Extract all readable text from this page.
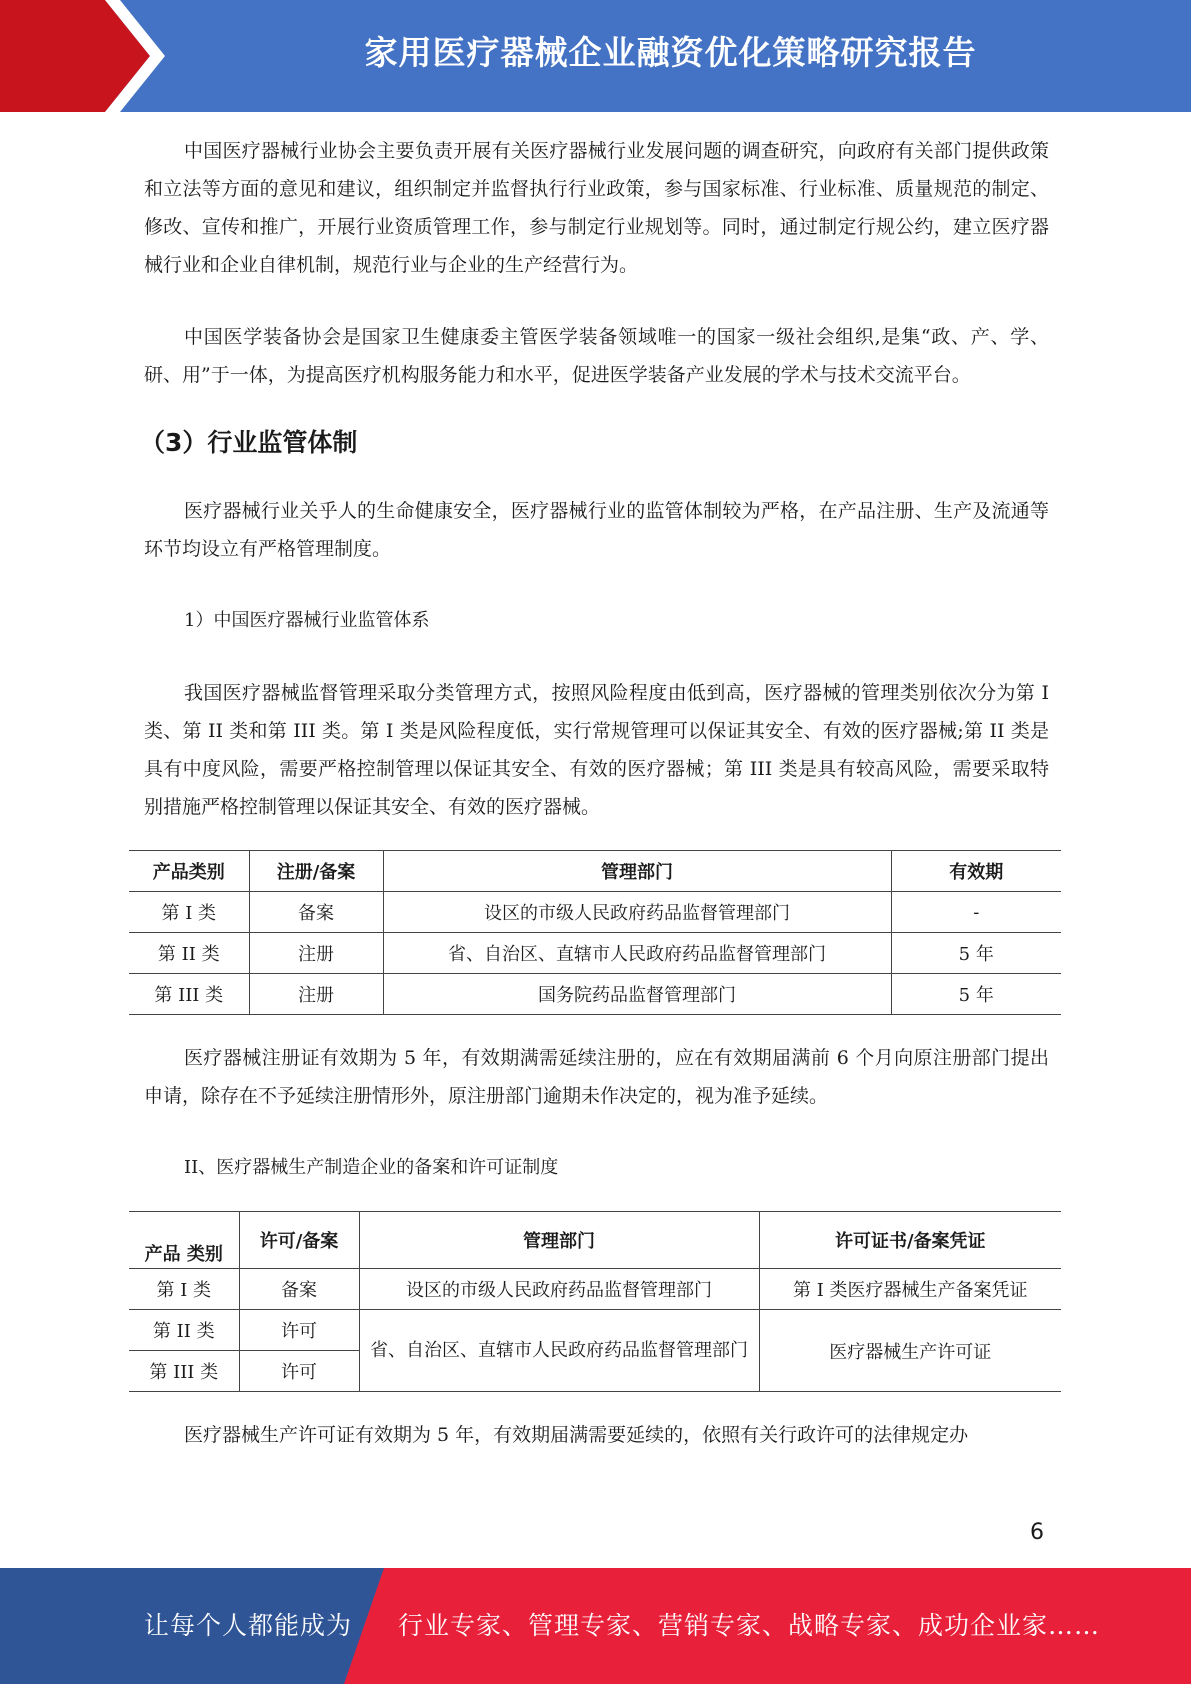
家用医疗器械企业融资优化策略研究报告

中国医疗器械行业协会主要负责开展有关医疗器械行业发展问题的调查研究，向政府有关部门提供政策和立法等方面的意见和建议，组织制定并监督执行行业政策，参与国家标准、行业标准、质量规范的制定、修改、宣传和推广，开展行业资质管理工作，参与制定行业规划等。同时，通过制定行规公约，建立医疗器械行业和企业自律机制，规范行业与企业的生产经营行为。

中国医学装备协会是国家卫生健康委主管医学装备领域唯一的国家一级社会组织,是集“政、产、学、研、用”于一体，为提高医疗机构服务能力和水平，促进医学装备产业发展的学术与技术交流平台。

（3）行业监管体制

医疗器械行业关乎人的生命健康安全，医疗器械行业的监管体制较为严格，在产品注册、生产及流通等环节均设立有严格管理制度。

1）中国医疗器械行业监管体系

我国医疗器械监督管理采取分类管理方式，按照风险程度由低到高，医疗器械的管理类别依次分为第 I 类、第 II 类和第 III 类。第 I 类是风险程度低，实行常规管理可以保证其安全、有效的医疗器械;第 II 类是具有中度风险，需要严格控制管理以保证其安全、有效的医疗器械；第 III 类是具有较高风险，需要采取特别措施严格控制管理以保证其安全、有效的医疗器械。

产品类别	注册/备案	管理部门	有效期
第 I 类	备案	设区的市级人民政府药品监督管理部门	-
第 II 类	注册	省、自治区、直辖市人民政府药品监督管理部门	5 年
第 III 类	注册	国务院药品监督管理部门	5 年

医疗器械注册证有效期为 5 年，有效期满需延续注册的，应在有效期届满前 6 个月向原注册部门提出申请，除存在不予延续注册情形外，原注册部门逾期未作决定的，视为准予延续。

II、医疗器械生产制造企业的备案和许可证制度

产品 类别	许可/备案	管理部门	许可证书/备案凭证
第 I 类	备案	设区的市级人民政府药品监督管理部门	第 I 类医疗器械生产备案凭证
第 II 类	许可	省、自治区、直辖市人民政府药品监督管理部门	医疗器械生产许可证
第 III 类	许可		

医疗器械生产许可证有效期为 5 年，有效期届满需要延续的，依照有关行政许可的法律规定办

6
让每个人都能成为 行业专家、管理专家、营销专家、战略专家、成功企业家……
